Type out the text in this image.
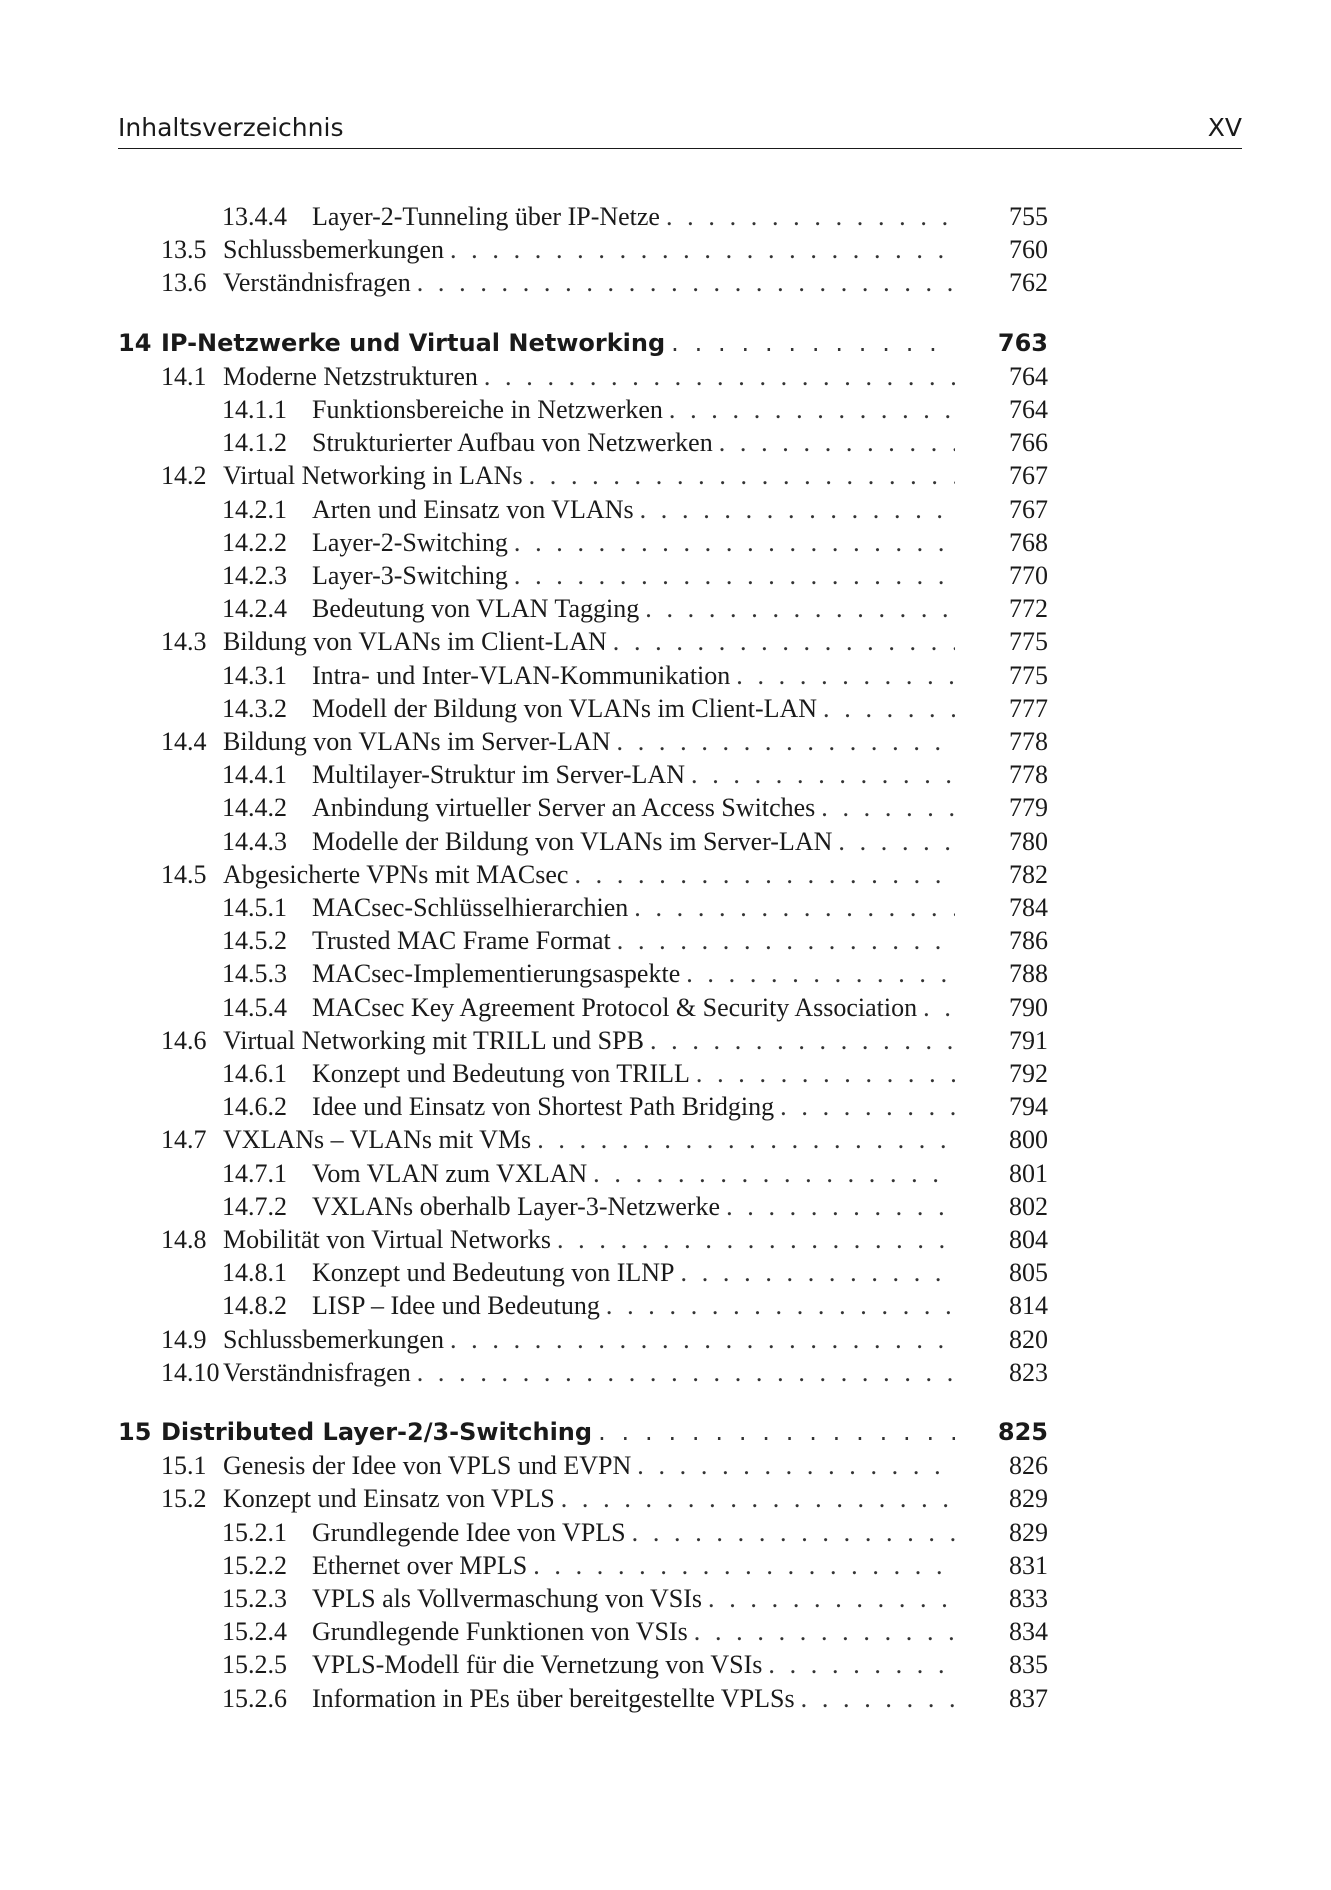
Inhaltsverzeichnis	XV
13.4.4 Layer-2-Tunneling über IP-Netze . . .	755
13.5 Schlussbemerkungen . . .	760
13.6 Verständnisfragen . . .	762
14 IP-Netzwerke und Virtual Networking . . .	763
14.1 Moderne Netzstrukturen . . .	764
14.1.1 Funktionsbereiche in Netzwerken . . .	764
14.1.2 Strukturierter Aufbau von Netzwerken . . .	766
14.2 Virtual Networking in LANs . . .	767
14.2.1 Arten und Einsatz von VLANs . . .	767
14.2.2 Layer-2-Switching . . .	768
14.2.3 Layer-3-Switching . . .	770
14.2.4 Bedeutung von VLAN Tagging . . .	772
14.3 Bildung von VLANs im Client-LAN . . .	775
14.3.1 Intra- und Inter-VLAN-Kommunikation . . .	775
14.3.2 Modell der Bildung von VLANs im Client-LAN . . .	777
14.4 Bildung von VLANs im Server-LAN . . .	778
14.4.1 Multilayer-Struktur im Server-LAN . . .	778
14.4.2 Anbindung virtueller Server an Access Switches . . .	779
14.4.3 Modelle der Bildung von VLANs im Server-LAN . . .	780
14.5 Abgesicherte VPNs mit MACsec . . .	782
14.5.1 MACsec-Schlüsselhierarchien . . .	784
14.5.2 Trusted MAC Frame Format . . .	786
14.5.3 MACsec-Implementierungsaspekte . . .	788
14.5.4 MACsec Key Agreement Protocol & Security Association . . .	790
14.6 Virtual Networking mit TRILL und SPB . . .	791
14.6.1 Konzept und Bedeutung von TRILL . . .	792
14.6.2 Idee und Einsatz von Shortest Path Bridging . . .	794
14.7 VXLANs – VLANs mit VMs . . .	800
14.7.1 Vom VLAN zum VXLAN . . .	801
14.7.2 VXLANs oberhalb Layer-3-Netzwerke . . .	802
14.8 Mobilität von Virtual Networks . . .	804
14.8.1 Konzept und Bedeutung von ILNP . . .	805
14.8.2 LISP – Idee und Bedeutung . . .	814
14.9 Schlussbemerkungen . . .	820
14.10 Verständnisfragen . . .	823
15 Distributed Layer-2/3-Switching . . .	825
15.1 Genesis der Idee von VPLS und EVPN . . .	826
15.2 Konzept und Einsatz von VPLS . . .	829
15.2.1 Grundlegende Idee von VPLS . . .	829
15.2.2 Ethernet over MPLS . . .	831
15.2.3 VPLS als Vollvermaschung von VSIs . . .	833
15.2.4 Grundlegende Funktionen von VSIs . . .	834
15.2.5 VPLS-Modell für die Vernetzung von VSIs . . .	835
15.2.6 Information in PEs über bereitgestellte VPLSs . . .	837
